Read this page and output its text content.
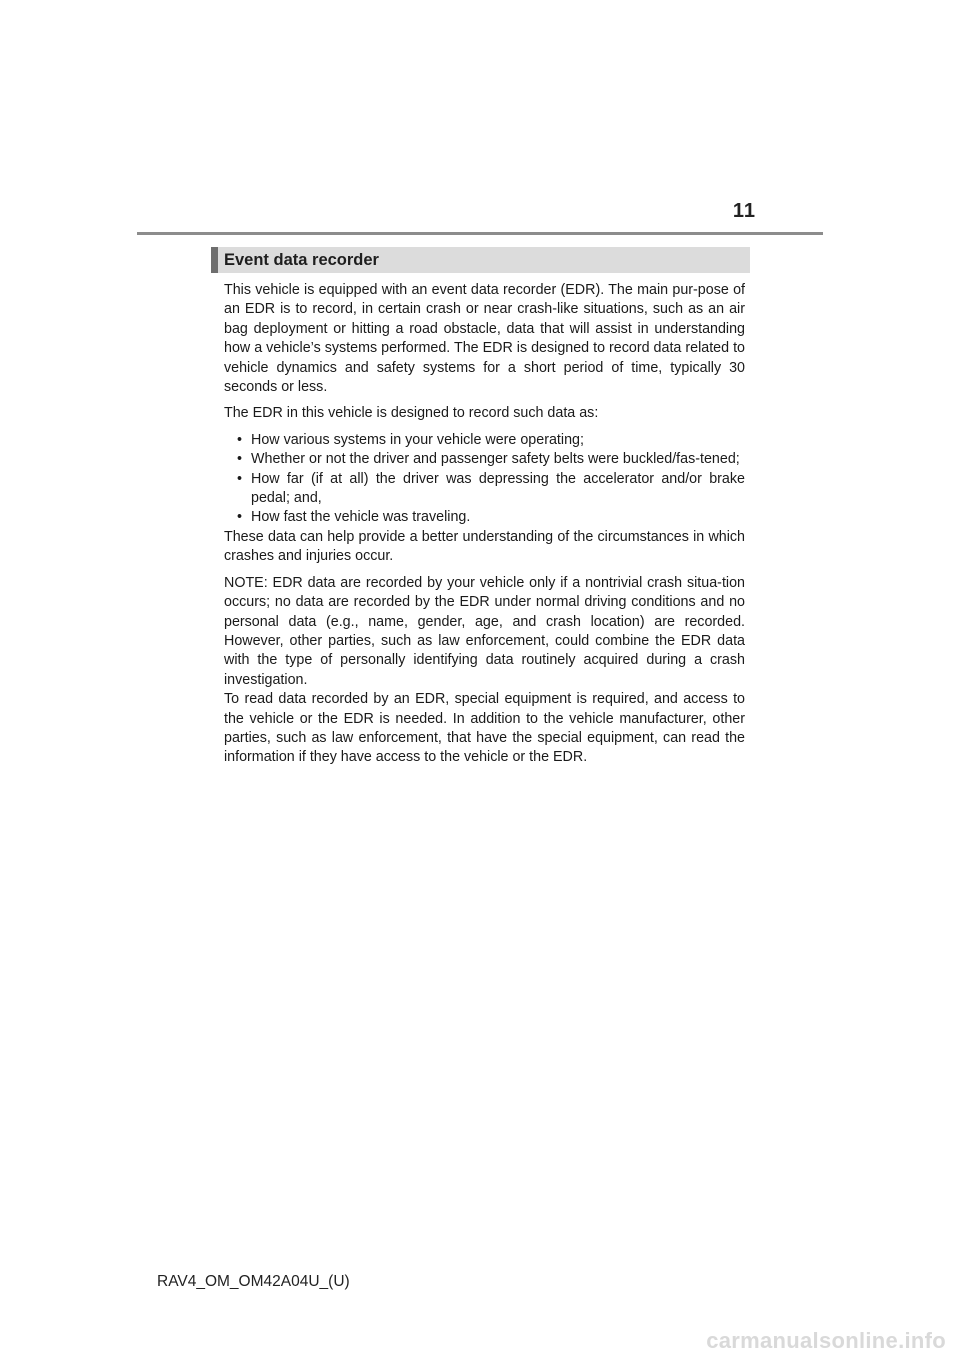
11
Event data recorder

This vehicle is equipped with an event data recorder (EDR). The main pur-pose of an EDR is to record, in certain crash or near crash-like situations, such as an air bag deployment or hitting a road obstacle, data that will assist in understanding how a vehicle’s systems performed. The EDR is designed to record data related to vehicle dynamics and safety systems for a short period of time, typically 30 seconds or less.

The EDR in this vehicle is designed to record such data as:

• How various systems in your vehicle were operating;
• Whether or not the driver and passenger safety belts were buckled/fas-tened;
• How far (if at all) the driver was depressing the accelerator and/or brake pedal; and,
• How fast the vehicle was traveling.

These data can help provide a better understanding of the circumstances in which crashes and injuries occur.

NOTE: EDR data are recorded by your vehicle only if a nontrivial crash situa-tion occurs; no data are recorded by the EDR under normal driving conditions and no personal data (e.g., name, gender, age, and crash location) are recorded. However, other parties, such as law enforcement, could combine the EDR data with the type of personally identifying data routinely acquired during a crash investigation.

To read data recorded by an EDR, special equipment is required, and access to the vehicle or the EDR is needed. In addition to the vehicle manufacturer, other parties, such as law enforcement, that have the special equipment, can read the information if they have access to the vehicle or the EDR.

RAV4_OM_OM42A04U_(U)
carmanualsonline.info
